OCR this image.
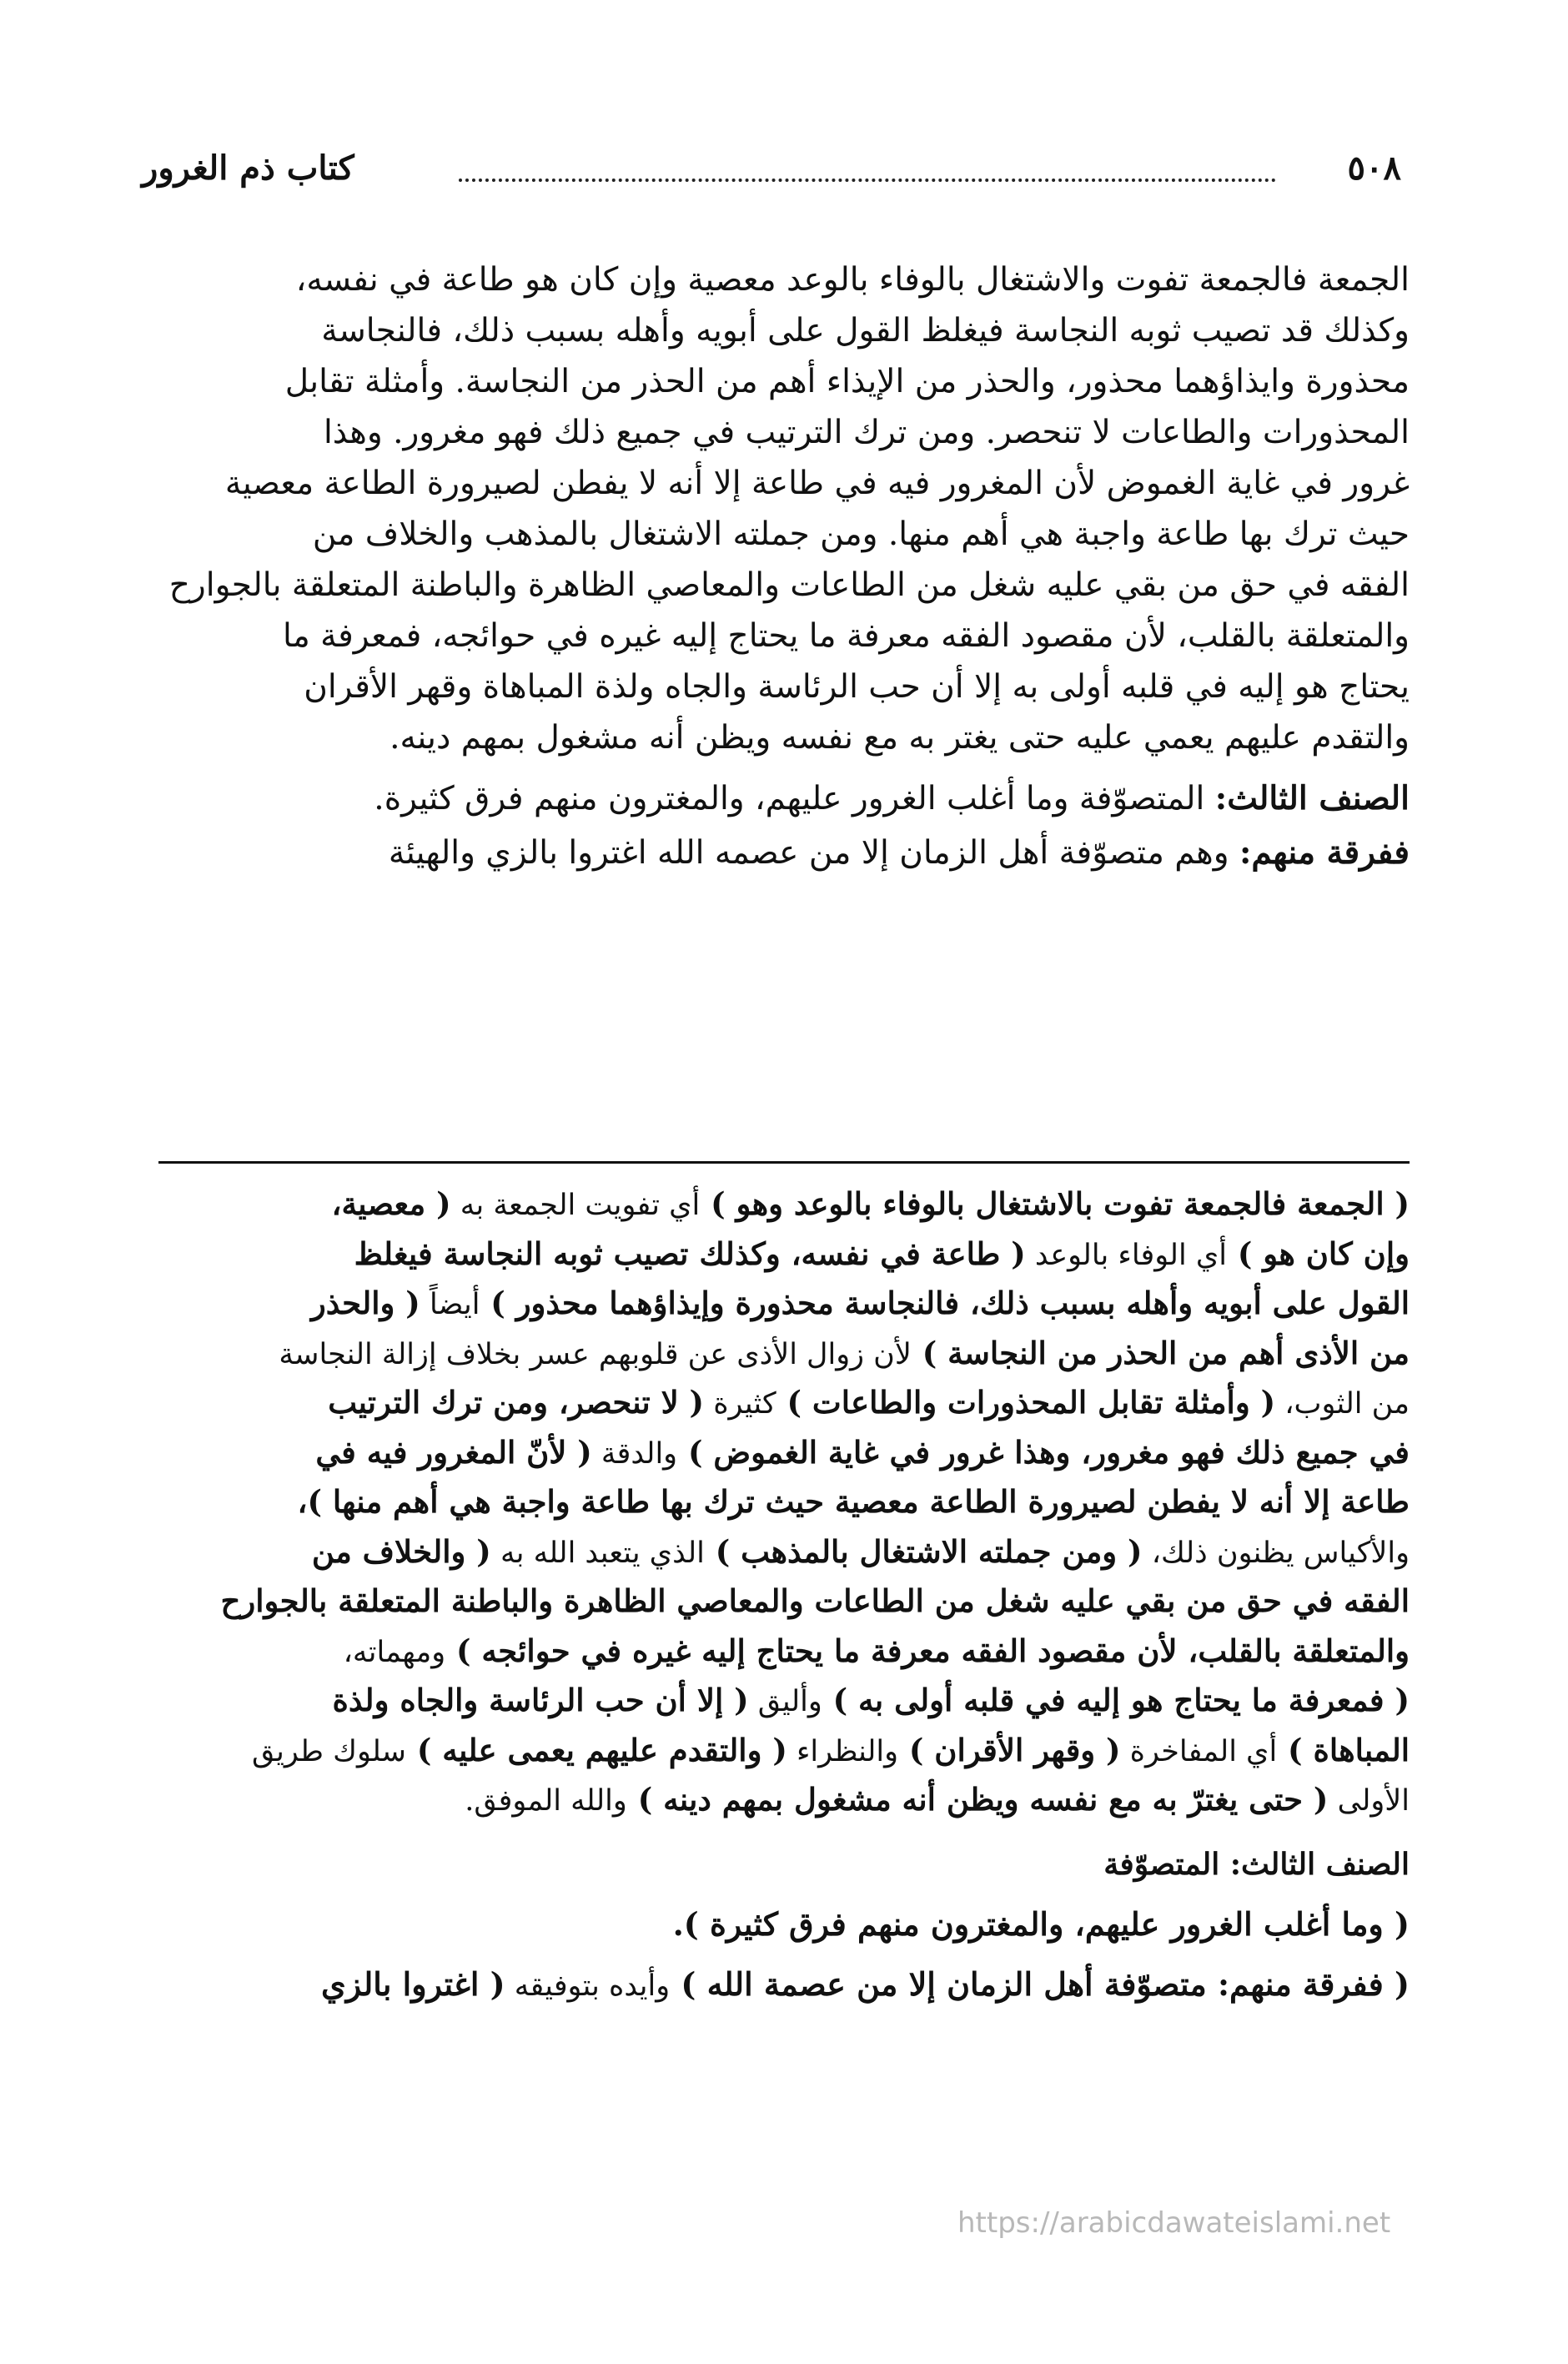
٥٠٨
كتاب ذم الغرور

الجمعة فالجمعة تفوت والاشتغال بالوفاء بالوعد معصية وإن كان هو طاعة في نفسه،

وكذلك قد تصيب ثوبه النجاسة فيغلظ القول على أبويه وأهله بسبب ذلك، فالنجاسة

محذورة وايذاؤهما محذور، والحذر من الإيذاء أهم من الحذر من النجاسة. وأمثلة تقابل

المحذورات والطاعات لا تنحصر. ومن ترك الترتيب في جميع ذلك فهو مغرور. وهذا

غرور في غاية الغموض لأن المغرور فيه في طاعة إلا أنه لا يفطن لصيرورة الطاعة معصية

حيث ترك بها طاعة واجبة هي أهم منها. ومن جملته الاشتغال بالمذهب والخلاف من

الفقه في حق من بقي عليه شغل من الطاعات والمعاصي الظاهرة والباطنة المتعلقة بالجوارح

والمتعلقة بالقلب، لأن مقصود الفقه معرفة ما يحتاج إليه غيره في حوائجه، فمعرفة ما

يحتاج هو إليه في قلبه أولى به إلا أن حب الرئاسة والجاه ولذة المباهاة وقهر الأقران

والتقدم عليهم يعمي عليه حتى يغتر به مع نفسه ويظن أنه مشغول بمهم دينه.

الصنف الثالث: المتصوّفة وما أغلب الغرور عليهم، والمغترون منهم فرق كثيرة.

ففرقة منهم: وهم متصوّفة أهل الزمان إلا من عصمه الله اغتروا بالزي والهيئة

( الجمعة فالجمعة تفوت بالاشتغال بالوفاء بالوعد وهو ) أي تفويت الجمعة به ( معصية،

وإن كان هو ) أي الوفاء بالوعد ( طاعة في نفسه، وكذلك تصيب ثوبه النجاسة فيغلظ

القول على أبويه وأهله بسبب ذلك، فالنجاسة محذورة وإيذاؤهما محذور ) أيضاً ( والحذر

من الأذى أهم من الحذر من النجاسة ) لأن زوال الأذى عن قلوبهم عسر بخلاف إزالة النجاسة

من الثوب، ( وأمثلة تقابل المحذورات والطاعات ) كثيرة ( لا تنحصر، ومن ترك الترتيب

في جميع ذلك فهو مغرور، وهذا غرور في غاية الغموض ) والدقة ( لأنّ المغرور فيه في

طاعة إلا أنه لا يفطن لصيرورة الطاعة معصية حيث ترك بها طاعة واجبة هي أهم منها )،

والأكياس يظنون ذلك، ( ومن جملته الاشتغال بالمذهب ) الذي يتعبد الله به ( والخلاف من

الفقه في حق من بقي عليه شغل من الطاعات والمعاصي الظاهرة والباطنة المتعلقة بالجوارح

والمتعلقة بالقلب، لأن مقصود الفقه معرفة ما يحتاج إليه غيره في حوائجه ) ومهماته،

( فمعرفة ما يحتاج هو إليه في قلبه أولى به ) وأليق ( إلا أن حب الرئاسة والجاه ولذة

المباهاة ) أي المفاخرة ( وقهر الأقران ) والنظراء ( والتقدم عليهم يعمى عليه ) سلوك طريق

الأولى ( حتى يغترّ به مع نفسه ويظن أنه مشغول بمهم دينه ) والله الموفق.

الصنف الثالث: المتصوّفة

( وما أغلب الغرور عليهم، والمغترون منهم فرق كثيرة ).

( ففرقة منهم: متصوّفة أهل الزمان إلا من عصمة الله ) وأيده بتوفيقه ( اغتروا بالزي

https://arabicdawateislami.net
